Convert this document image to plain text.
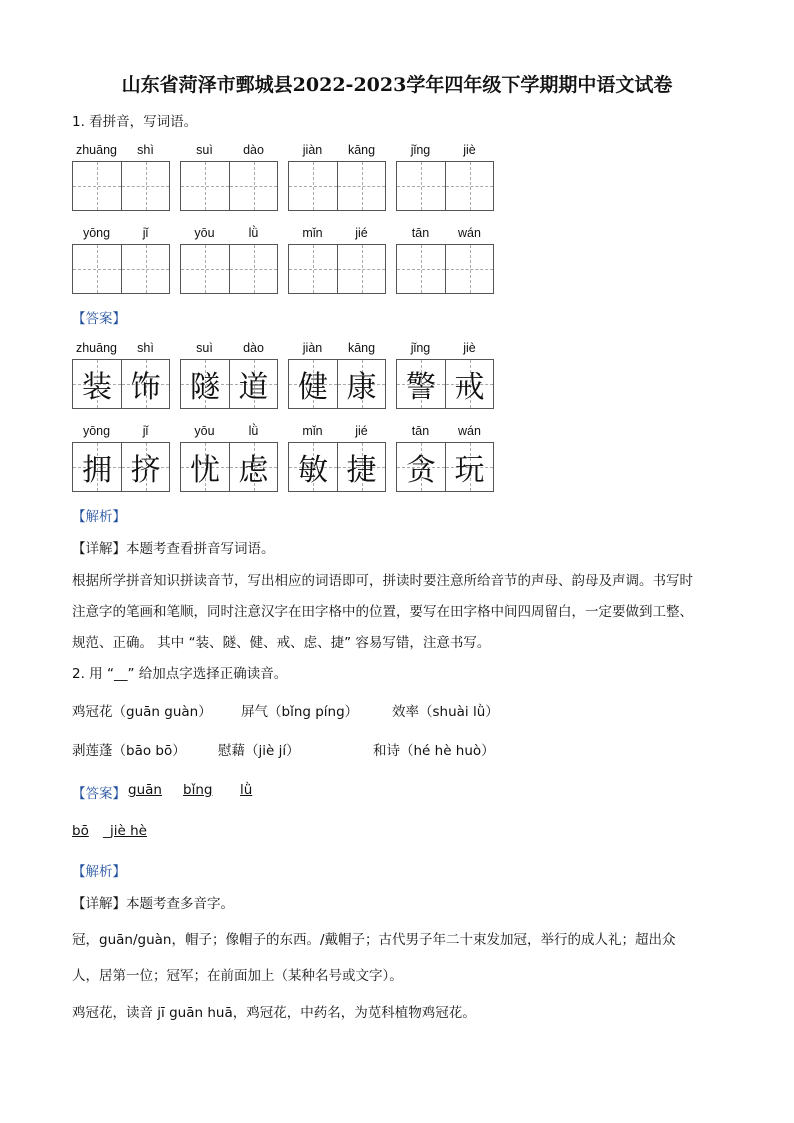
山东省菏泽市鄄城县2022-2023学年四年级下学期期中语文试卷
1. 看拼音，写词语。
zhuāng	shì	suì	dào	jiàn	kāng	jǐng	jiè
yōng	jǐ	yōu	lǜ	mǐn	jié	tān	wán
【答案】
zhuāng	shì
装 饰
suì	dào
隧 道
jiàn	kāng
健 康
jǐng	jiè
警 戒
yōng	jǐ
拥 挤
yōu	lǜ
忧 虑
mǐn	jié
敏 捷
tān	wán
贪 玩
【解析】
【详解】本题考查看拼音写词语。
根据所学拼音知识拼读音节，写出相应的词语即可，拼读时要注意所给音节的声母、韵母及声调。书写时
注意字的笔画和笔顺，同时注意汉字在田字格中的位置，要写在田字格中间四周留白，一定要做到工整、
规范、正确。 其中 “装、隧、健、戒、虑、捷” 容易写错，注意书写。
2. 用 “__” 给加点字选择正确读音。
鸡冠花（guān guàn） 屏气（bǐng píng）	效率（shuài lǜ）
剥莲蓬（bāo bō） 慰藉（jiè jí）	和诗（hé hè huò）
【答案】 guān bǐng lǜ
bō _ jiè hè
【解析】
【详解】本题考查多音字。
冠，guān/guàn，帽子；像帽子的东西。/戴帽子；古代男子年二十束发加冠，举行的成人礼；超出众
人，居第一位；冠军；在前面加上（某种名号或文字）。
鸡冠花，读音 jī guān huā，鸡冠花，中药名，为苋科植物鸡冠花。
